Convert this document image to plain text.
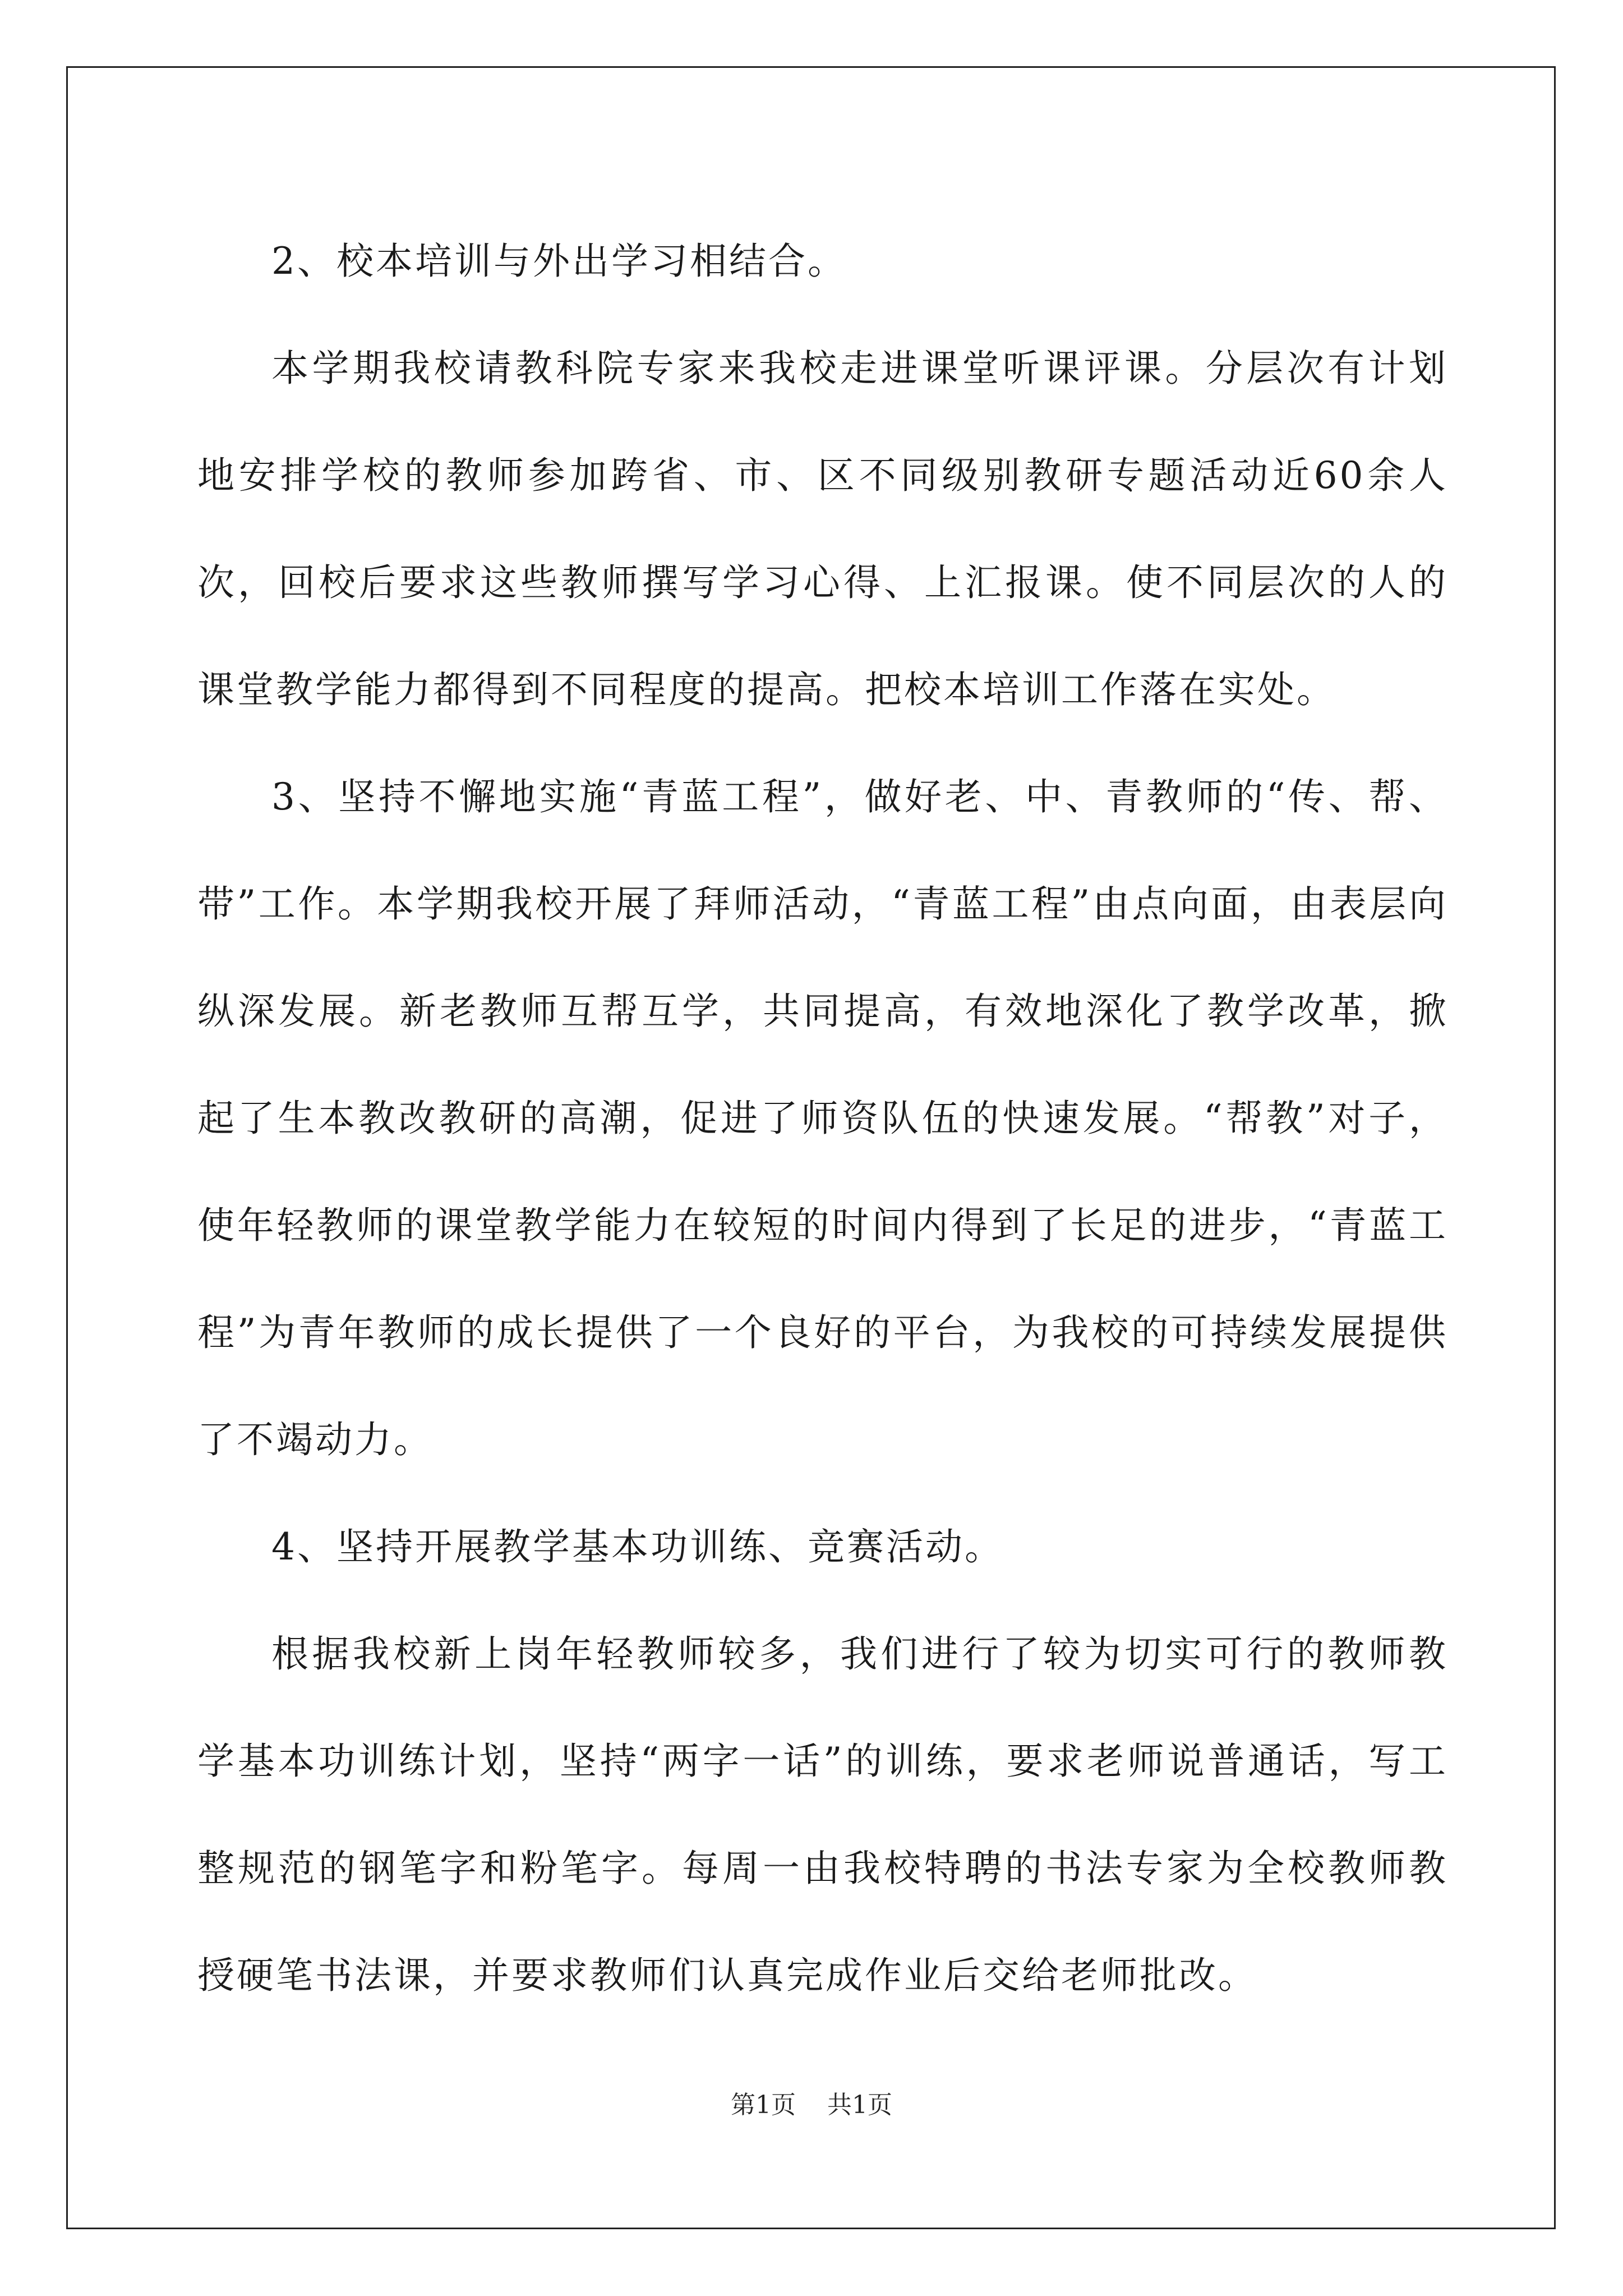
2、校本培训与外出学习相结合。

本学期我校请教科院专家来我校走进课堂听课评课。分层次有计划地安排学校的教师参加跨省、市、区不同级别教研专题活动近60余人次，回校后要求这些教师撰写学习心得、上汇报课。使不同层次的人的课堂教学能力都得到不同程度的提高。把校本培训工作落在实处。

3、坚持不懈地实施“青蓝工程”，做好老、中、青教师的“传、帮、带”工作。本学期我校开展了拜师活动，“青蓝工程”由点向面，由表层向纵深发展。新老教师互帮互学，共同提高，有效地深化了教学改革，掀起了生本教改教研的高潮，促进了师资队伍的快速发展。“帮教”对子，使年轻教师的课堂教学能力在较短的时间内得到了长足的进步，“青蓝工程”为青年教师的成长提供了一个良好的平台，为我校的可持续发展提供了不竭动力。

4、坚持开展教学基本功训练、竞赛活动。

根据我校新上岗年轻教师较多，我们进行了较为切实可行的教师教学基本功训练计划，坚持“两字一话”的训练，要求老师说普通话，写工整规范的钢笔字和粉笔字。每周一由我校特聘的书法专家为全校教师教授硬笔书法课，并要求教师们认真完成作业后交给老师批改。

第1页 共1页
